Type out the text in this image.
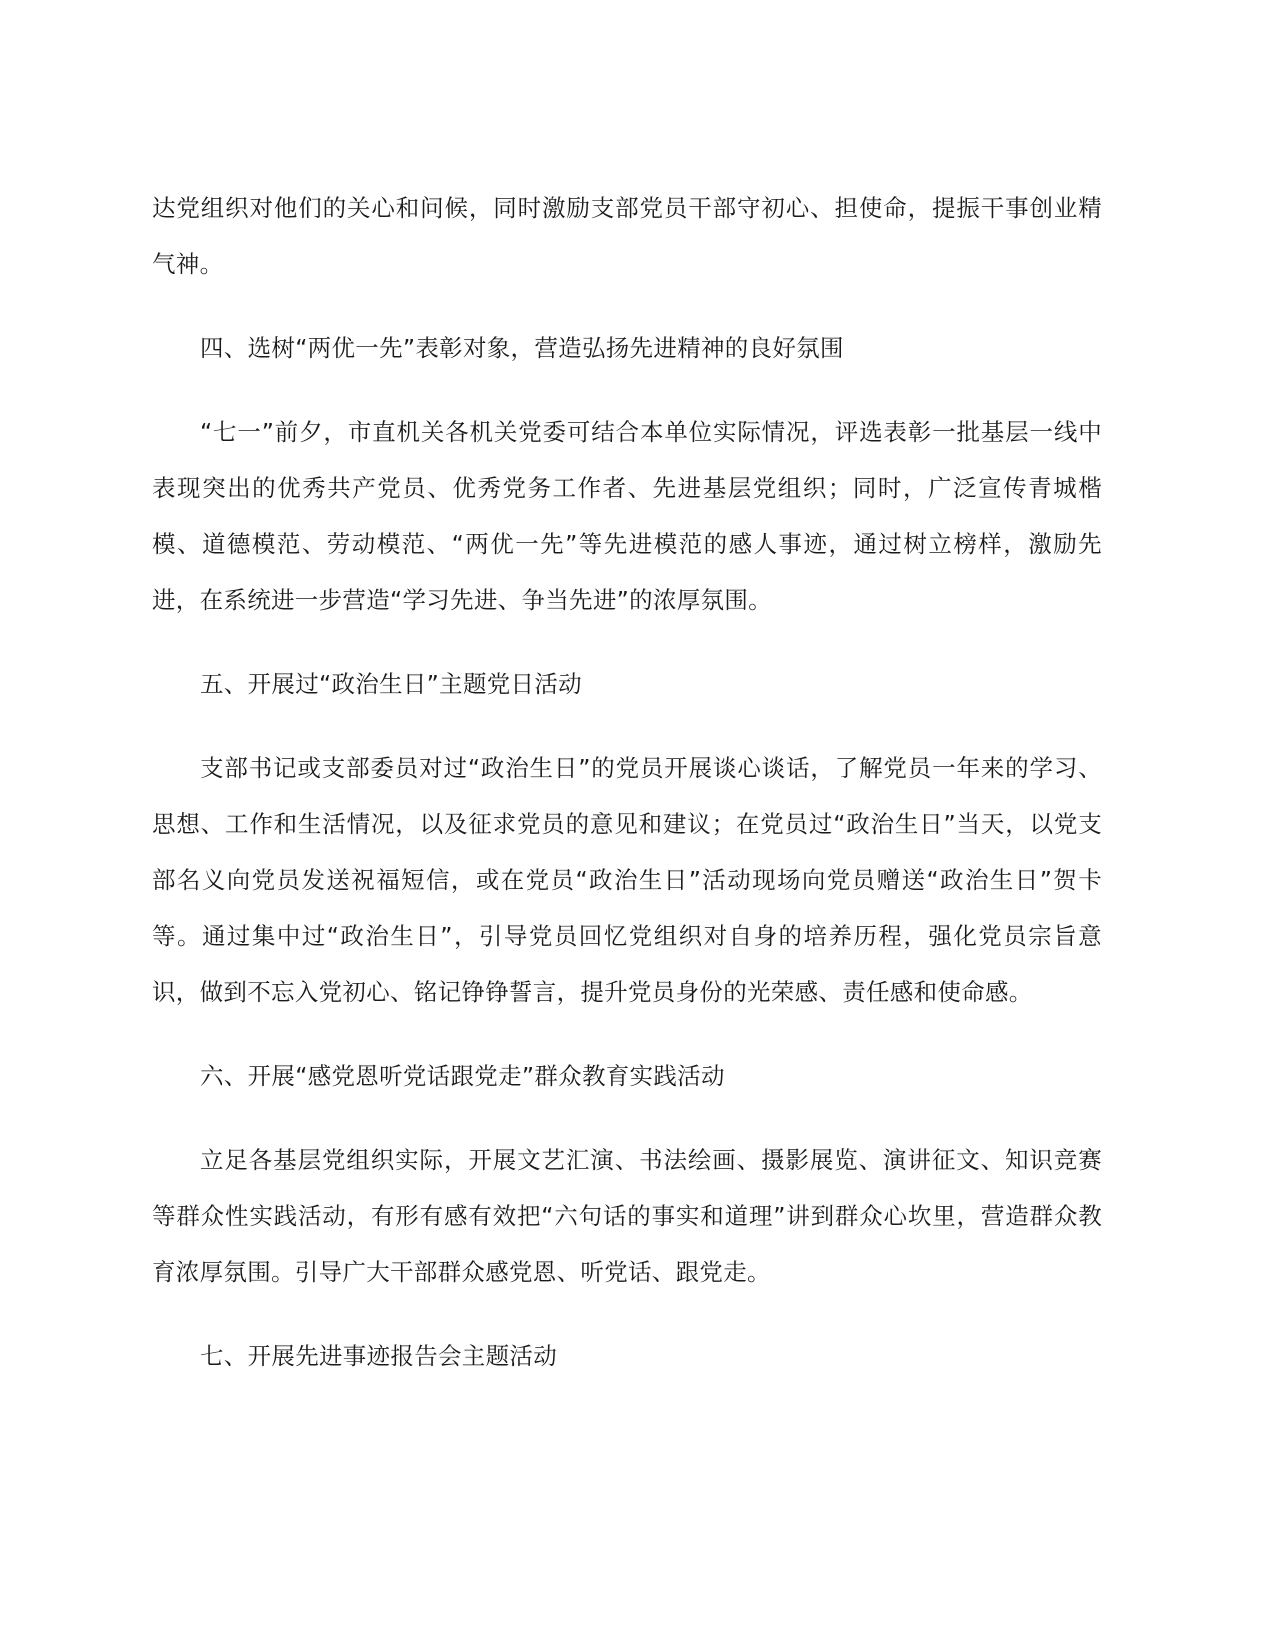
达党组织对他们的关心和问候，同时激励支部党员干部守初心、担使命，提振干事创业精气神。

四、选树“两优一先”表彰对象，营造弘扬先进精神的良好氛围

“七一”前夕，市直机关各机关党委可结合本单位实际情况，评选表彰一批基层一线中表现突出的优秀共产党员、优秀党务工作者、先进基层党组织；同时，广泛宣传青城楷模、道德模范、劳动模范、“两优一先”等先进模范的感人事迹，通过树立榜样，激励先进，在系统进一步营造“学习先进、争当先进”的浓厚氛围。

五、开展过“政治生日”主题党日活动

支部书记或支部委员对过“政治生日”的党员开展谈心谈话，了解党员一年来的学习、思想、工作和生活情况，以及征求党员的意见和建议；在党员过“政治生日”当天，以党支部名义向党员发送祝福短信，或在党员“政治生日”活动现场向党员赠送“政治生日”贺卡等。通过集中过“政治生日”，引导党员回忆党组织对自身的培养历程，强化党员宗旨意识，做到不忘入党初心、铭记铮铮誓言，提升党员身份的光荣感、责任感和使命感。

六、开展“感党恩听党话跟党走”群众教育实践活动

立足各基层党组织实际，开展文艺汇演、书法绘画、摄影展览、演讲征文、知识竞赛等群众性实践活动，有形有感有效把“六句话的事实和道理”讲到群众心坎里，营造群众教育浓厚氛围。引导广大干部群众感党恩、听党话、跟党走。

七、开展先进事迹报告会主题活动
